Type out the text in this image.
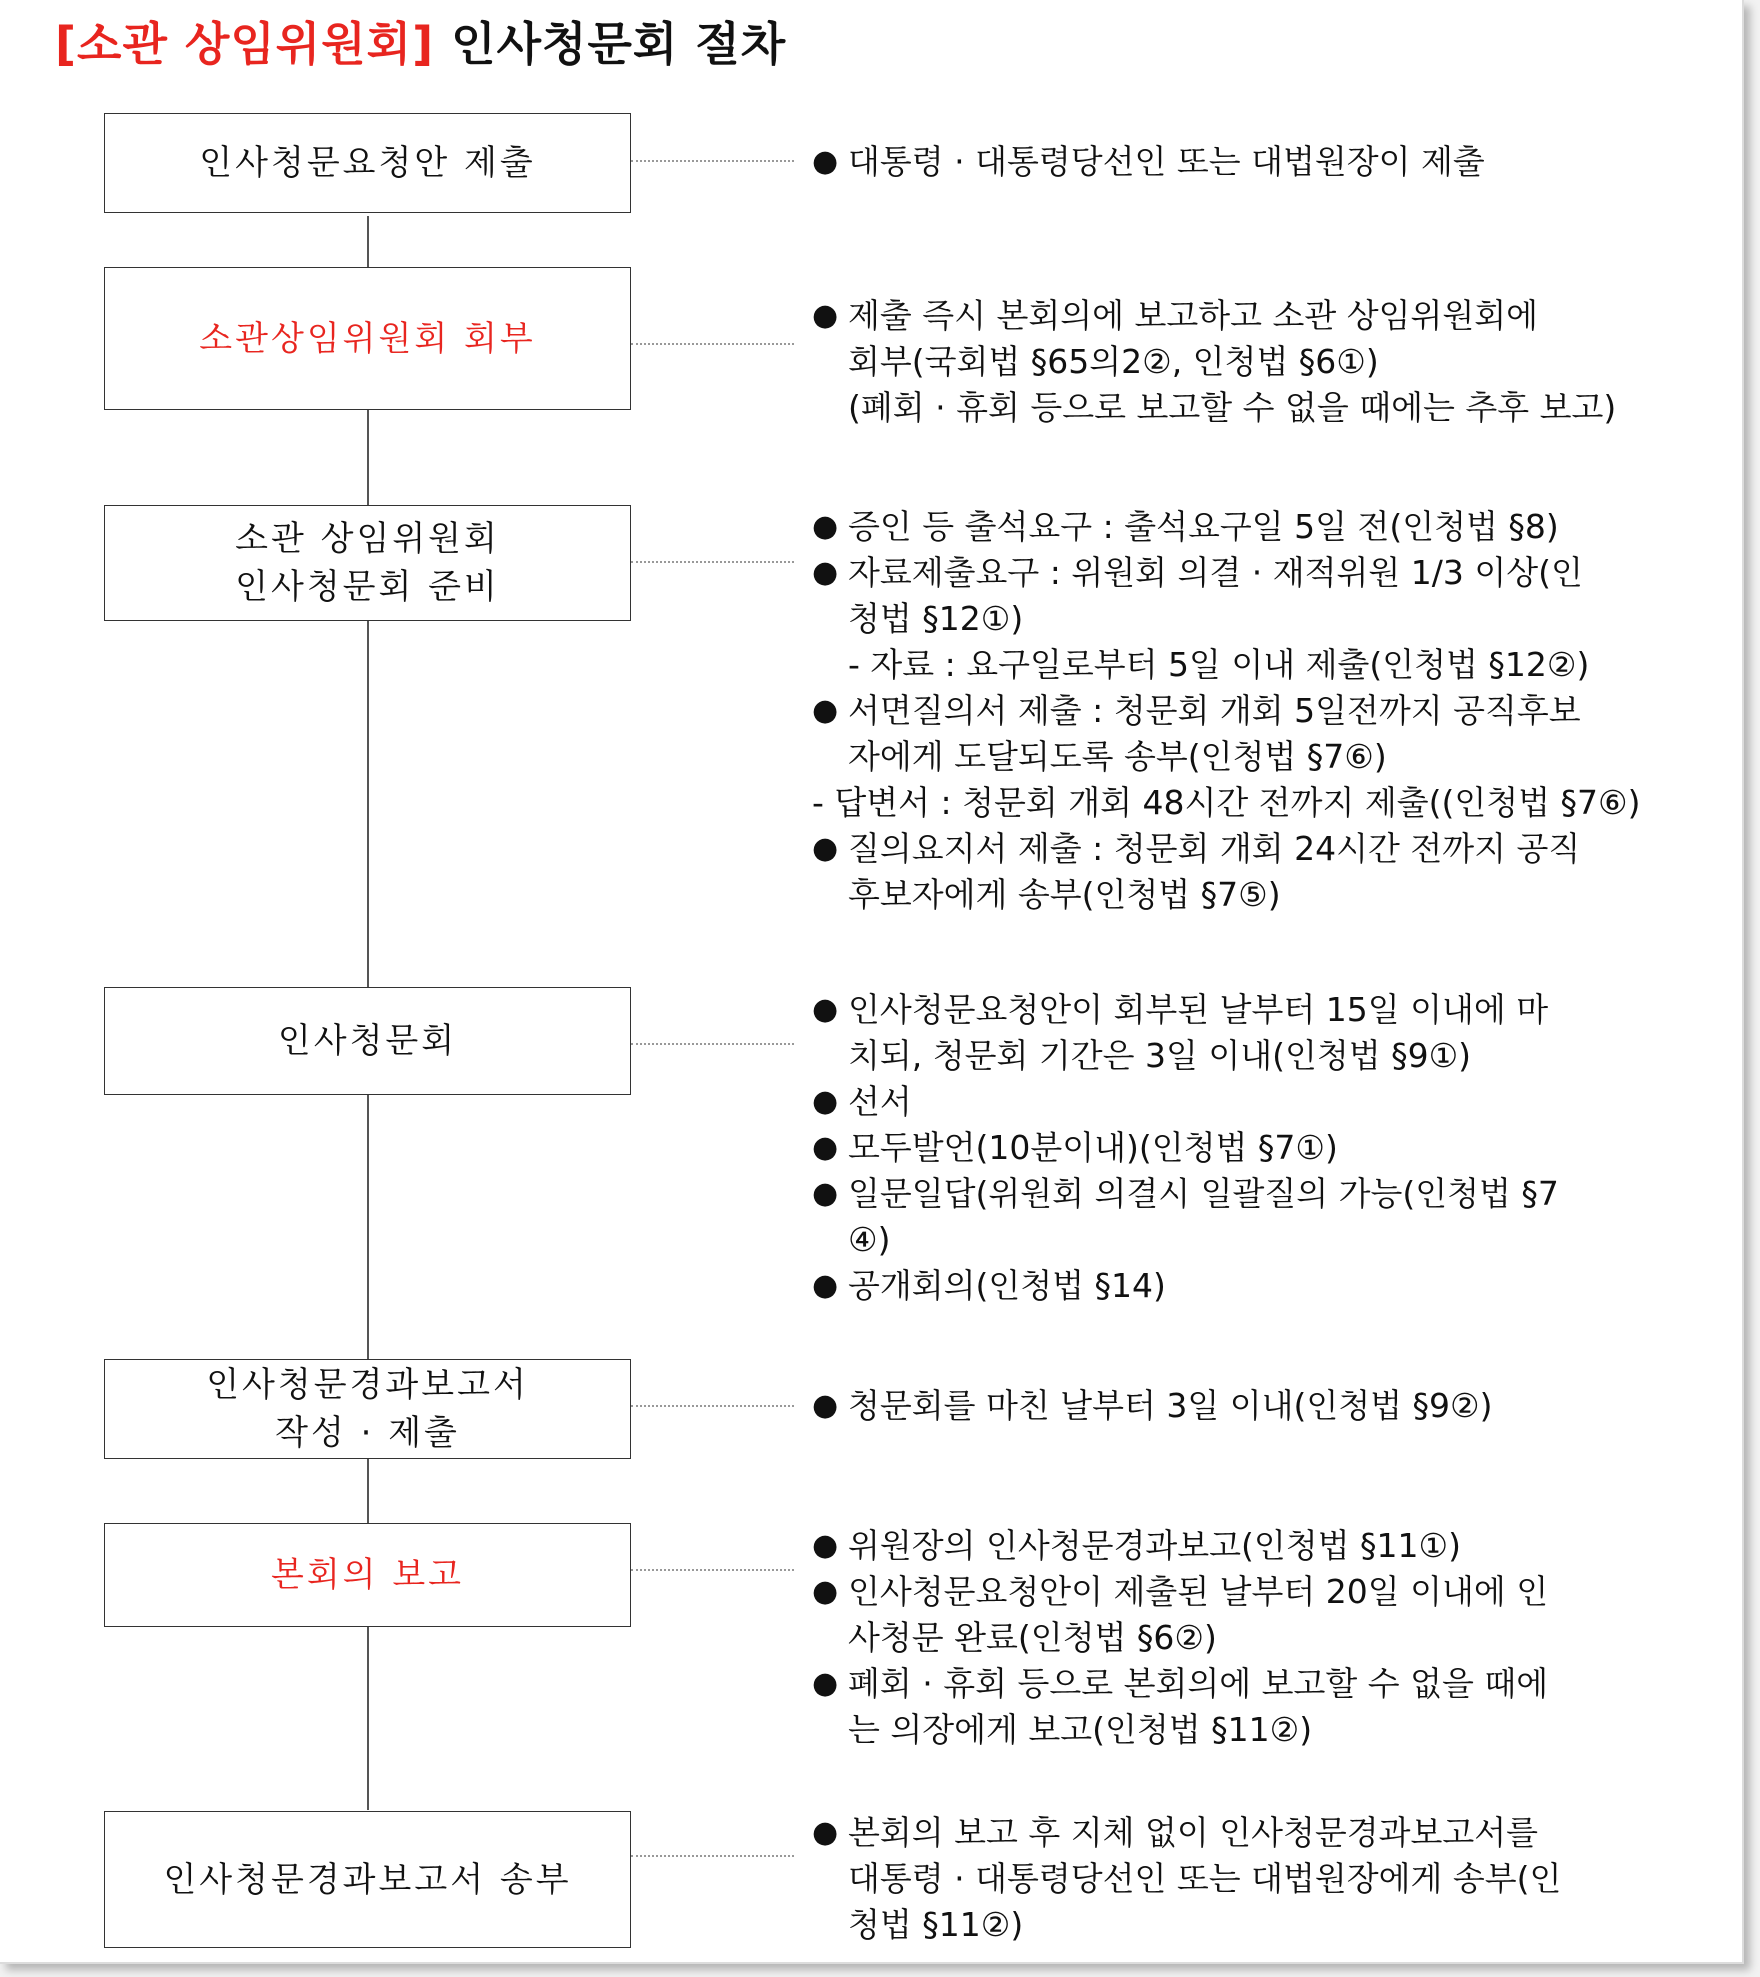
[소관 상임위원회] 인사청문회 절차
인사청문요청안 제출	● 대통령 · 대통령당선인 또는 대법원장이 제출
소관상임위원회 회부
● 제출 즉시 본회의에 보고하고 소관 상임위원회에
회부(국회법 §65의2②, 인청법 §6①)
(폐회 · 휴회 등으로 보고할 수 없을 때에는 추후 보고)
소관 상임위원회
인사청문회 준비
● 증인 등 출석요구 : 출석요구일 5일 전(인청법 §8)
● 자료제출요구 : 위원회 의결 · 재적위원 1/3 이상(인
청법 §12①)
- 자료 : 요구일로부터 5일 이내 제출(인청법 §12②)
● 서면질의서 제출 : 청문회 개회 5일전까지 공직후보
자에게 도달되도록 송부(인청법 §7⑥)
- 답변서 : 청문회 개회 48시간 전까지 제출((인청법 §7⑥)
● 질의요지서 제출 : 청문회 개회 24시간 전까지 공직
후보자에게 송부(인청법 §7⑤)
인사청문회
● 인사청문요청안이 회부된 날부터 15일 이내에 마
치되, 청문회 기간은 3일 이내(인청법 §9①)
● 선서
● 모두발언(10분이내)(인청법 §7①)
● 일문일답(위원회 의결시 일괄질의 가능(인청법 §7
④)
● 공개회의(인청법 §14)
인사청문경과보고서
작성 · 제출
● 청문회를 마친 날부터 3일 이내(인청법 §9②)
본회의 보고
● 위원장의 인사청문경과보고(인청법 §11①)
● 인사청문요청안이 제출된 날부터 20일 이내에 인
사청문 완료(인청법 §6②)
● 폐회 · 휴회 등으로 본회의에 보고할 수 없을 때에
는 의장에게 보고(인청법 §11②)
인사청문경과보고서 송부
● 본회의 보고 후 지체 없이 인사청문경과보고서를
대통령 · 대통령당선인 또는 대법원장에게 송부(인
청법 §11②)
